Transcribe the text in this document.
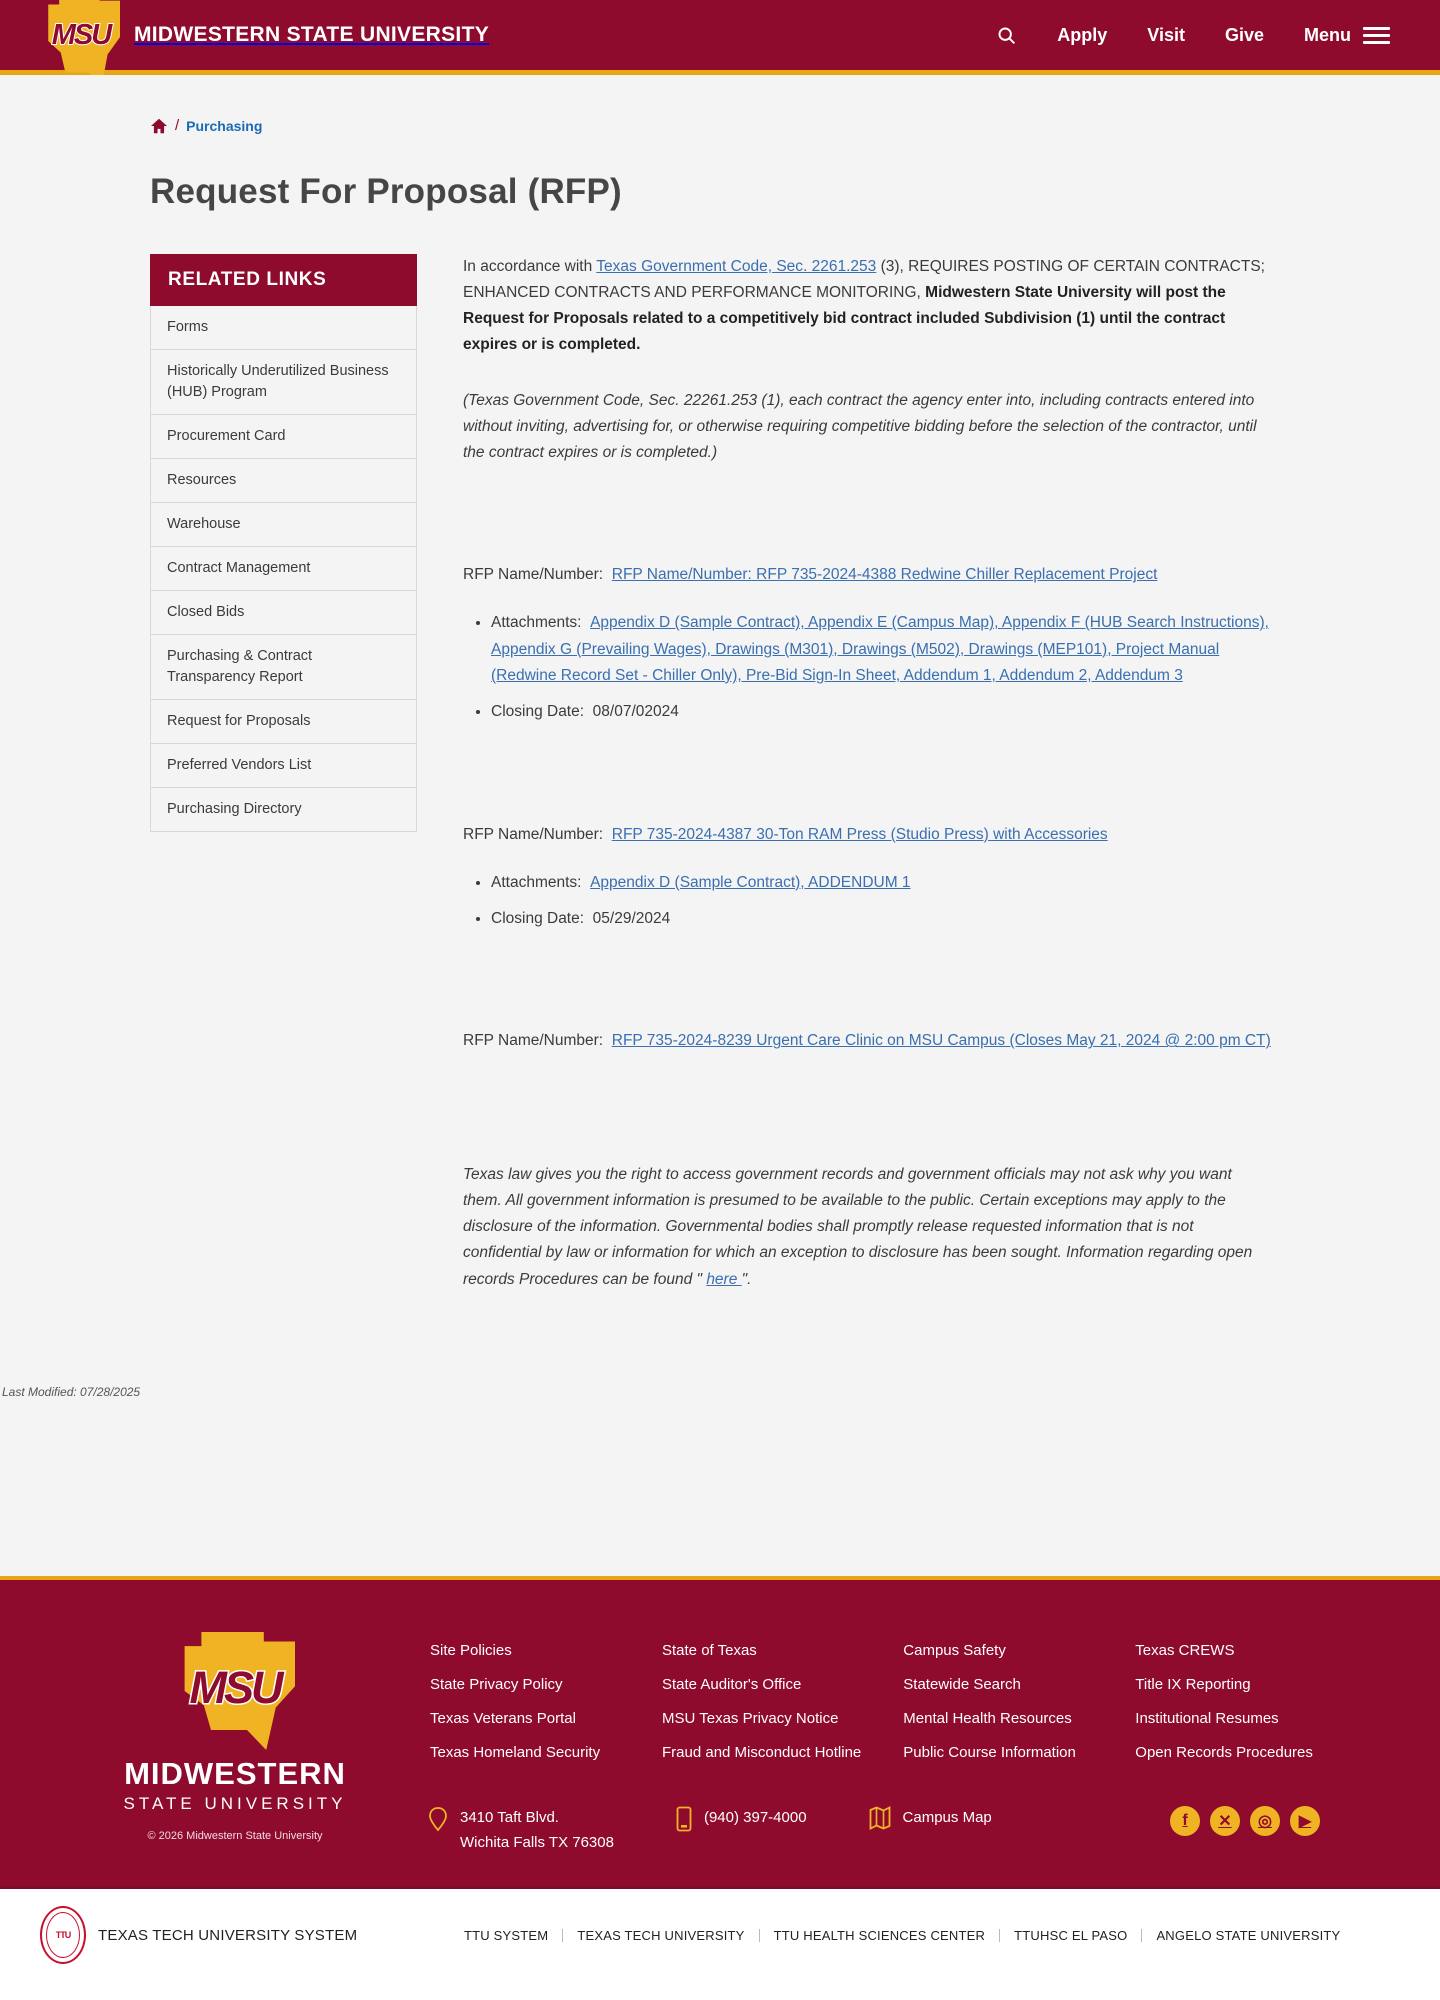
MSU	MIDWESTERN STATE UNIVERSITY	Apply Visit Give Menu
/ Purchasing
Request For Proposal (RFP)
RELATED LINKS
Forms
Historically Underutilized Business (HUB) Program
Procurement Card
Resources
Warehouse
Contract Management
Closed Bids
Purchasing & Contract Transparency Report
Request for Proposals
Preferred Vendors List
Purchasing Directory

In accordance with Texas Government Code, Sec. 2261.253 (3), REQUIRES POSTING OF CERTAIN CONTRACTS; ENHANCED CONTRACTS AND PERFORMANCE MONITORING, Midwestern State University will post the Request for Proposals related to a competitively bid contract included Subdivision (1) until the contract expires or is completed.

(Texas Government Code, Sec. 22261.253 (1), each contract the agency enter into, including contracts entered into without inviting, advertising for, or otherwise requiring competitive bidding before the selection of the contractor, until the contract expires or is completed.)

RFP Name/Number: RFP Name/Number: RFP 735-2024-4388 Redwine Chiller Replacement Project

• Attachments: Appendix D (Sample Contract), Appendix E (Campus Map), Appendix F (HUB Search Instructions), Appendix G (Prevailing Wages), Drawings (M301), Drawings (M502), Drawings (MEP101), Project Manual (Redwine Record Set - Chiller Only), Pre-Bid Sign-In Sheet, Addendum 1, Addendum 2, Addendum 3
• Closing Date: 08/07/02024

RFP Name/Number: RFP 735-2024-4387 30-Ton RAM Press (Studio Press) with Accessories

• Attachments: Appendix D (Sample Contract), ADDENDUM 1
• Closing Date: 05/29/2024

RFP Name/Number: RFP 735-2024-8239 Urgent Care Clinic on MSU Campus (Closes May 21, 2024 @ 2:00 pm CT)

Texas law gives you the right to access government records and government officials may not ask why you want them. All government information is presumed to be available to the public. Certain exceptions may apply to the disclosure of the information. Governmental bodies shall promptly release requested information that is not confidential by law or information for which an exception to disclosure has been sought. Information regarding open records Procedures can be found " here ".

Last Modified: 07/28/2025
MSU
MIDWESTERN
STATE UNIVERSITY
© 2026 Midwestern State University
Site Policies
State Privacy Policy
Texas Veterans Portal
Texas Homeland Security
State of Texas
State Auditor's Office
MSU Texas Privacy Notice
Fraud and Misconduct Hotline
Campus Safety
Statewide Search
Mental Health Resources
Public Course Information
Texas CREWS
Title IX Reporting
Institutional Resumes
Open Records Procedures
3410 Taft Blvd.
Wichita Falls TX 76308
(940) 397-4000	Campus Map	f	✕	◎	▶
TTU TEXAS TECH UNIVERSITY SYSTEM	TTU SYSTEM	TEXAS TECH UNIVERSITY	TTU HEALTH SCIENCES CENTER	TTUHSC EL PASO	ANGELO STATE UNIVERSITY
